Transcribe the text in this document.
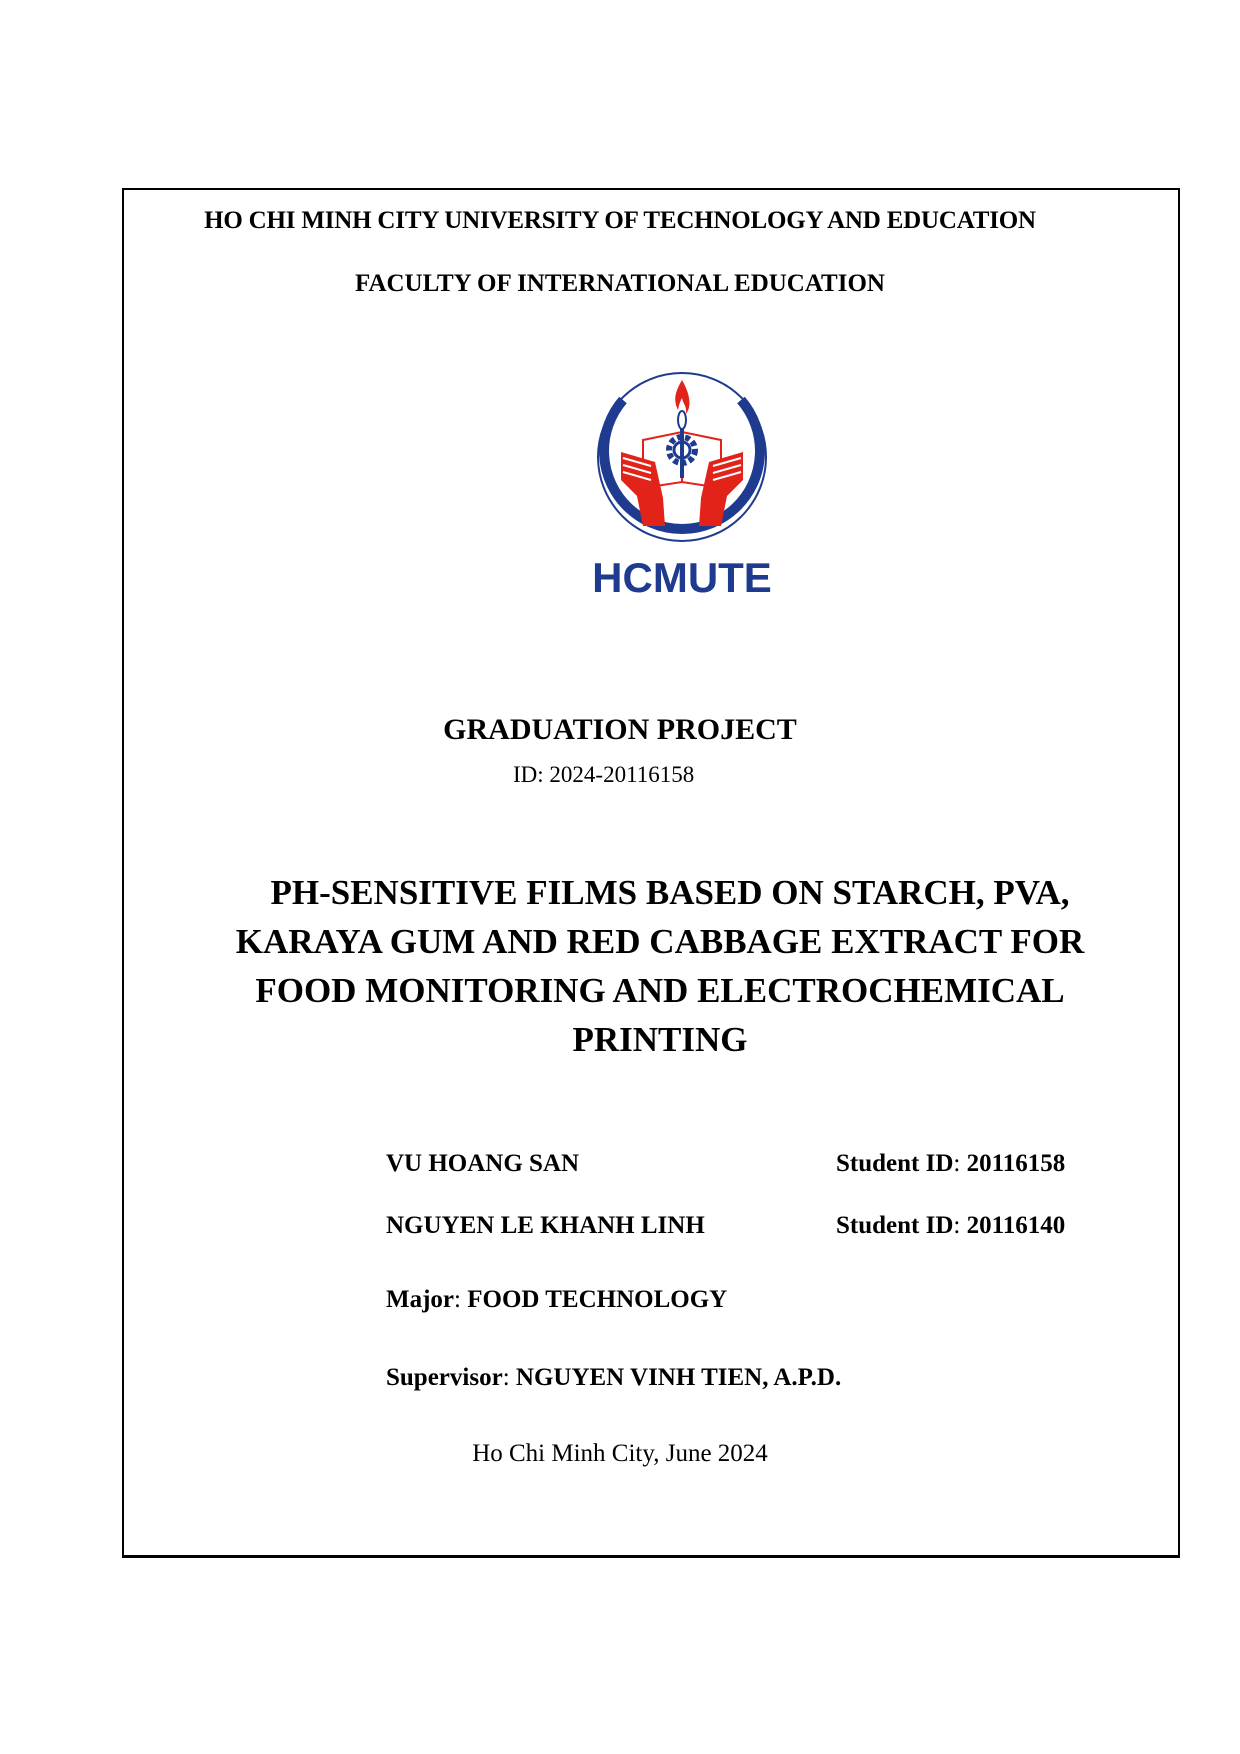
HO CHI MINH CITY UNIVERSITY OF TECHNOLOGY AND EDUCATION
FACULTY OF INTERNATIONAL EDUCATION
HCMUTE
GRADUATION PROJECT
ID: 2024-20116158
PH-SENSITIVE FILMS BASED ON STARCH, PVA,
KARAYA GUM AND RED CABBAGE EXTRACT FOR
FOOD MONITORING AND ELECTROCHEMICAL
PRINTING
VU HOANG SAN	Student ID: 20116158
NGUYEN LE KHANH LINH	Student ID: 20116140
Major: FOOD TECHNOLOGY
Supervisor: NGUYEN VINH TIEN, A.P.D.
Ho Chi Minh City, June 2024
